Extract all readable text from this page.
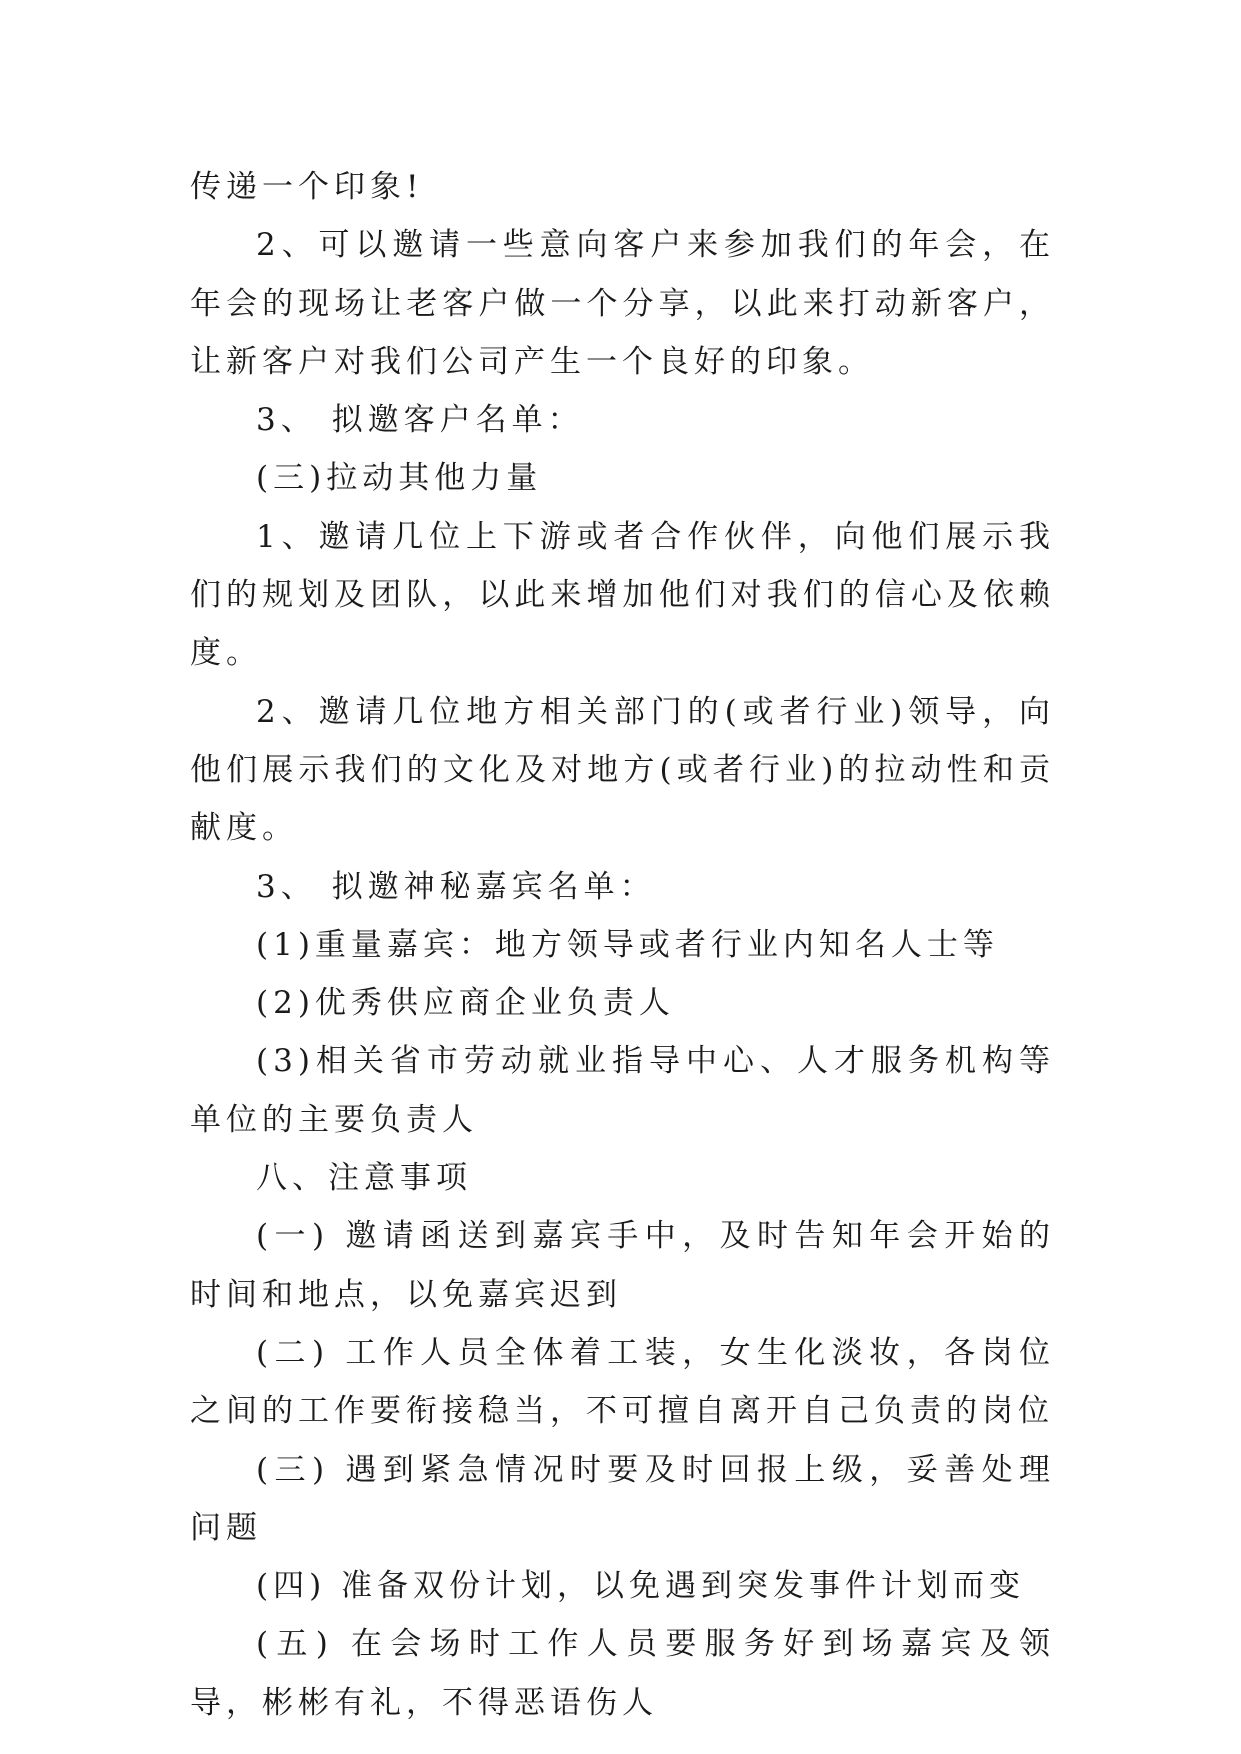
传递一个印象!

2、可以邀请一些意向客户来参加我们的年会，在年会的现场让老客户做一个分享，以此来打动新客户，让新客户对我们公司产生一个良好的印象。

3、 拟邀客户名单：

(三)拉动其他力量

1、邀请几位上下游或者合作伙伴，向他们展示我们的规划及团队，以此来增加他们对我们的信心及依赖度。

2、邀请几位地方相关部门的(或者行业)领导，向他们展示我们的文化及对地方(或者行业)的拉动性和贡献度。

3、 拟邀神秘嘉宾名单：

(1)重量嘉宾：地方领导或者行业内知名人士等

(2)优秀供应商企业负责人

(3)相关省市劳动就业指导中心、人才服务机构等单位的主要负责人

八、注意事项

(一) 邀请函送到嘉宾手中，及时告知年会开始的时间和地点，以免嘉宾迟到

(二) 工作人员全体着工装，女生化淡妆，各岗位之间的工作要衔接稳当，不可擅自离开自己负责的岗位

(三) 遇到紧急情况时要及时回报上级，妥善处理问题

(四) 准备双份计划，以免遇到突发事件计划而变

(五) 在会场时工作人员要服务好到场嘉宾及领导，彬彬有礼，不得恶语伤人
